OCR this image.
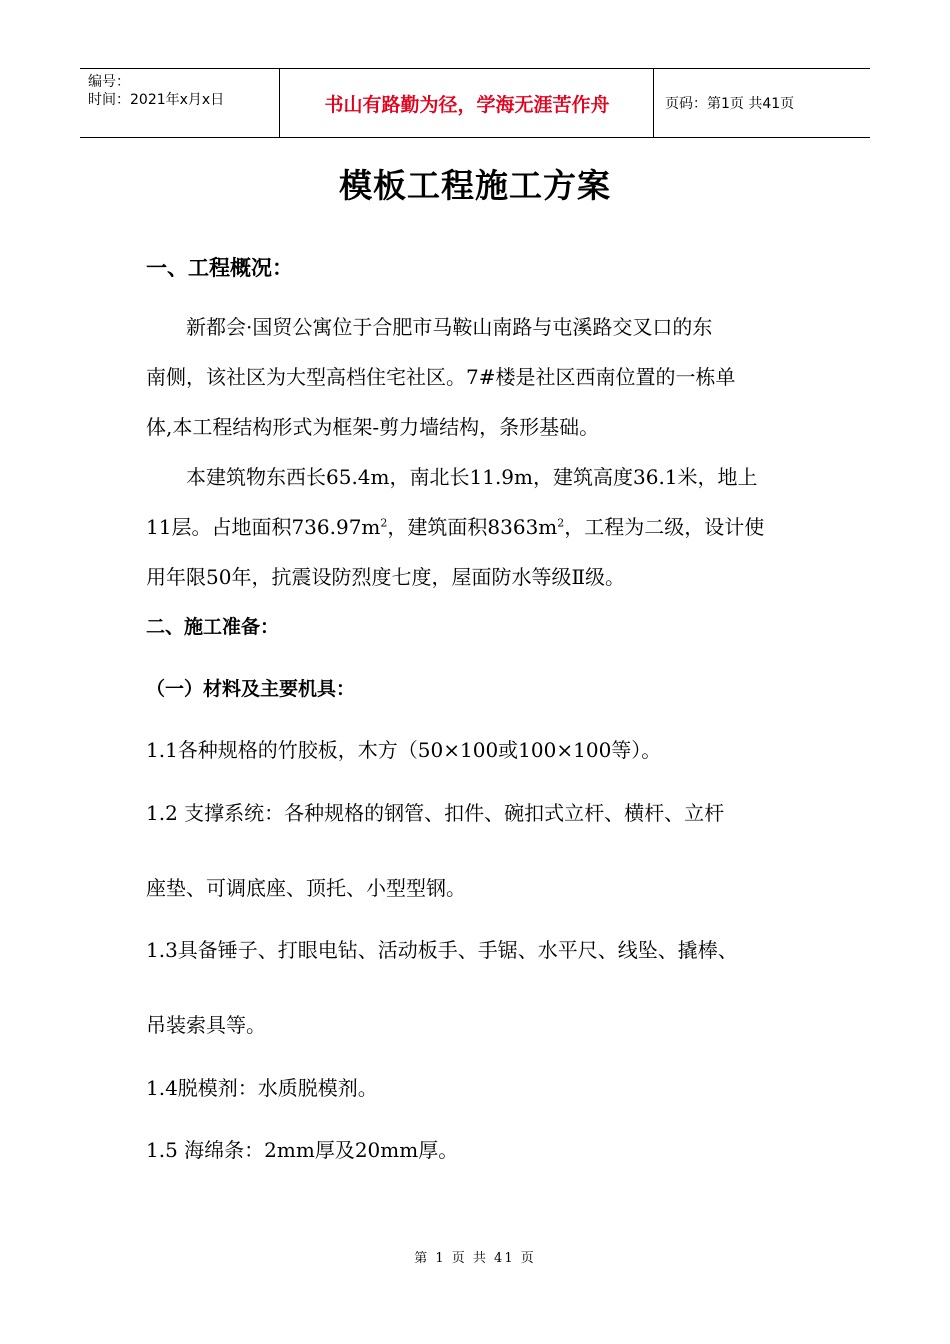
编号：
时间：2021年x月x日	书山有路勤为径，学海无涯苦作舟	页码：第1页 共41页
模板工程施工方案
一、工程概况：
　　新都会·国贸公寓位于合肥市马鞍山南路与屯溪路交叉口的东
南侧，该社区为大型高档住宅社区。7#楼是社区西南位置的一栋单
体,本工程结构形式为框架-剪力墙结构，条形基础。
　　本建筑物东西长65.4m，南北长11.9m，建筑高度36.1米，地上
11层。占地面积$736.97m^2$，建筑面积$8363m^2$，工程为二级，设计使
用年限50年，抗震设防烈度七度，屋面防水等级Ⅱ级。
二、施工准备：
（一）材料及主要机具：
1.1各种规格的竹胶板，木方（50×100或100×100等）。
1.2 支撑系统：各种规格的钢管、扣件、碗扣式立杆、横杆、立杆
座垫、可调底座、顶托、小型型钢。
1.3具备锤子、打眼电钻、活动板手、手锯、水平尺、线坠、撬棒、
吊装索具等。
1.4脱模剂：水质脱模剂。
1.5 海绵条：2mm厚及20mm厚。
第 1 页 共 41 页
